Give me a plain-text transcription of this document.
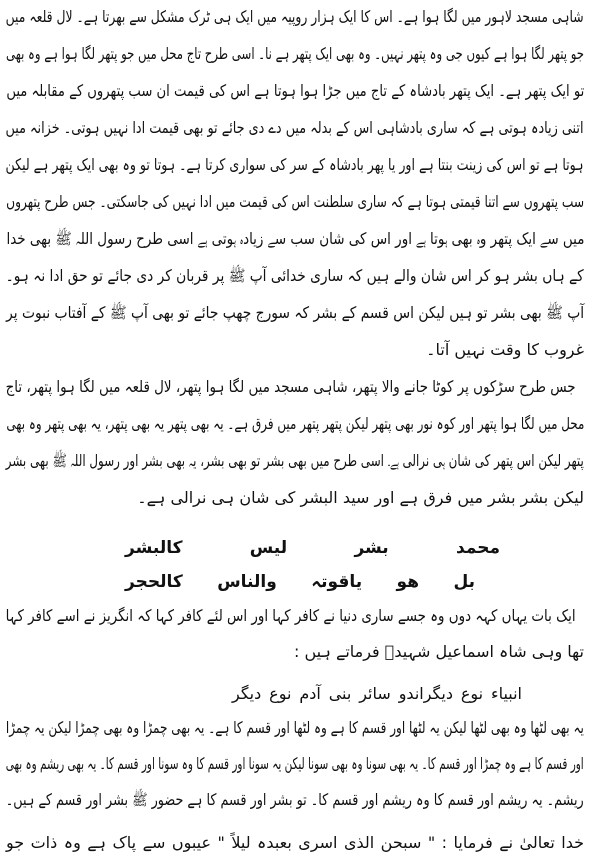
شاہی مسجد لاہور میں لگا ہوا ہے۔ اس کا ایک ہزار روپیہ میں ایک ہی ٹرک مشکل سے بھرتا ہے۔ لال قلعہ میں
جو پتھر لگا ہوا ہے کیوں جی وہ پتھر نہیں۔ وہ بھی ایک پتھر ہے نا۔ اسی طرح تاج محل میں جو پتھر لگا ہوا ہے وہ بھی
تو ایک پتھر ہے۔ ایک پتھر بادشاہ کے تاج میں جڑا ہوا ہوتا ہے اس کی قیمت ان سب پتھروں کے مقابلہ میں
اتنی زیادہ ہوتی ہے کہ ساری بادشاہی اس کے بدلہ میں دے دی جائے تو بھی قیمت ادا نہیں ہوتی۔ خزانہ میں
ہوتا ہے تو اس کی زینت بنتا ہے اور یا پھر بادشاہ کے سر کی سواری کرتا ہے۔ ہوتا تو وہ بھی ایک پتھر ہے لیکن
سب پتھروں سے اتنا قیمتی ہوتا ہے کہ ساری سلطنت اس کی قیمت میں ادا نہیں کی جاسکتی۔ جس طرح پتھروں
میں سے ایک پتھر وہ بھی ہوتا ہے اور اس کی شان سب سے زیادہ ہوتی ہے اسی طرح رسول اللہ ﷺ بھی خدا
کے ہاں بشر ہو کر اس شان والے ہیں کہ ساری خدائی آپ ﷺ پر قربان کر دی جائے تو حق ادا نہ ہو۔
آپ ﷺ بھی بشر تو ہیں لیکن اس قسم کے بشر کہ سورج چھپ جائے تو بھی آپ ﷺ کے آفتاب نبوت پر
غروب کا وقت نہیں آتا۔
جس طرح سڑکوں پر کوٹا جانے والا پتھر، شاہی مسجد میں لگا ہوا پتھر، لال قلعہ میں لگا ہوا پتھر، تاج
محل میں لگا ہوا پتھر اور کوہ نور بھی پتھر لیکن پتھر پتھر میں فرق ہے۔ یہ بھی پتھر یہ بھی پتھر، یہ بھی پتھر وہ بھی
پتھر لیکن اس پتھر کی شان ہی نرالی ہے۔ اسی طرح میں بھی بشر تو بھی بشر، یہ بھی بشر اور رسول اللہ ﷺ بھی بشر
لیکن بشر بشر میں فرق ہے اور سید البشر کی شان ہی نرالی ہے۔
محمد
بشر
لیس
کالبشر
بل
هو
یاقوتہ
والناس
کالحجر
ایک بات یہاں کہہ دوں وہ جسے ساری دنیا نے کافر کہا اور اس لئے کافر کہا کہ انگریز نے اسے کافر کہا
تھا وہی شاہ اسماعیل شہیدؒ فرماتے ہیں :
انبیاء نوع دیگراندو سائر بنی آدم نوع دیگر
یہ بھی لٹھا وہ بھی لٹھا لیکن یہ لٹھا اور قسم کا ہے وہ لٹھا اور قسم کا ہے۔ یہ بھی چمڑا وہ بھی چمڑا لیکن یہ چمڑا
اور قسم کا ہے وہ چمڑا اور قسم کا۔ یہ بھی سونا وہ بھی سونا لیکن یہ سونا اور قسم کا وہ سونا اور قسم کا۔ یہ بھی ریشم وہ بھی
ریشم۔ یہ ریشم اور قسم کا وہ ریشم اور قسم کا۔ تو بشر اور قسم کا ہے حضور ﷺ بشر اور قسم کے ہیں۔
خدا تعالیٰ نے فرمایا : " سبحن الذی اسری بعبدہ لیلاً " عیبوں سے پاک ہے وہ ذات جو
